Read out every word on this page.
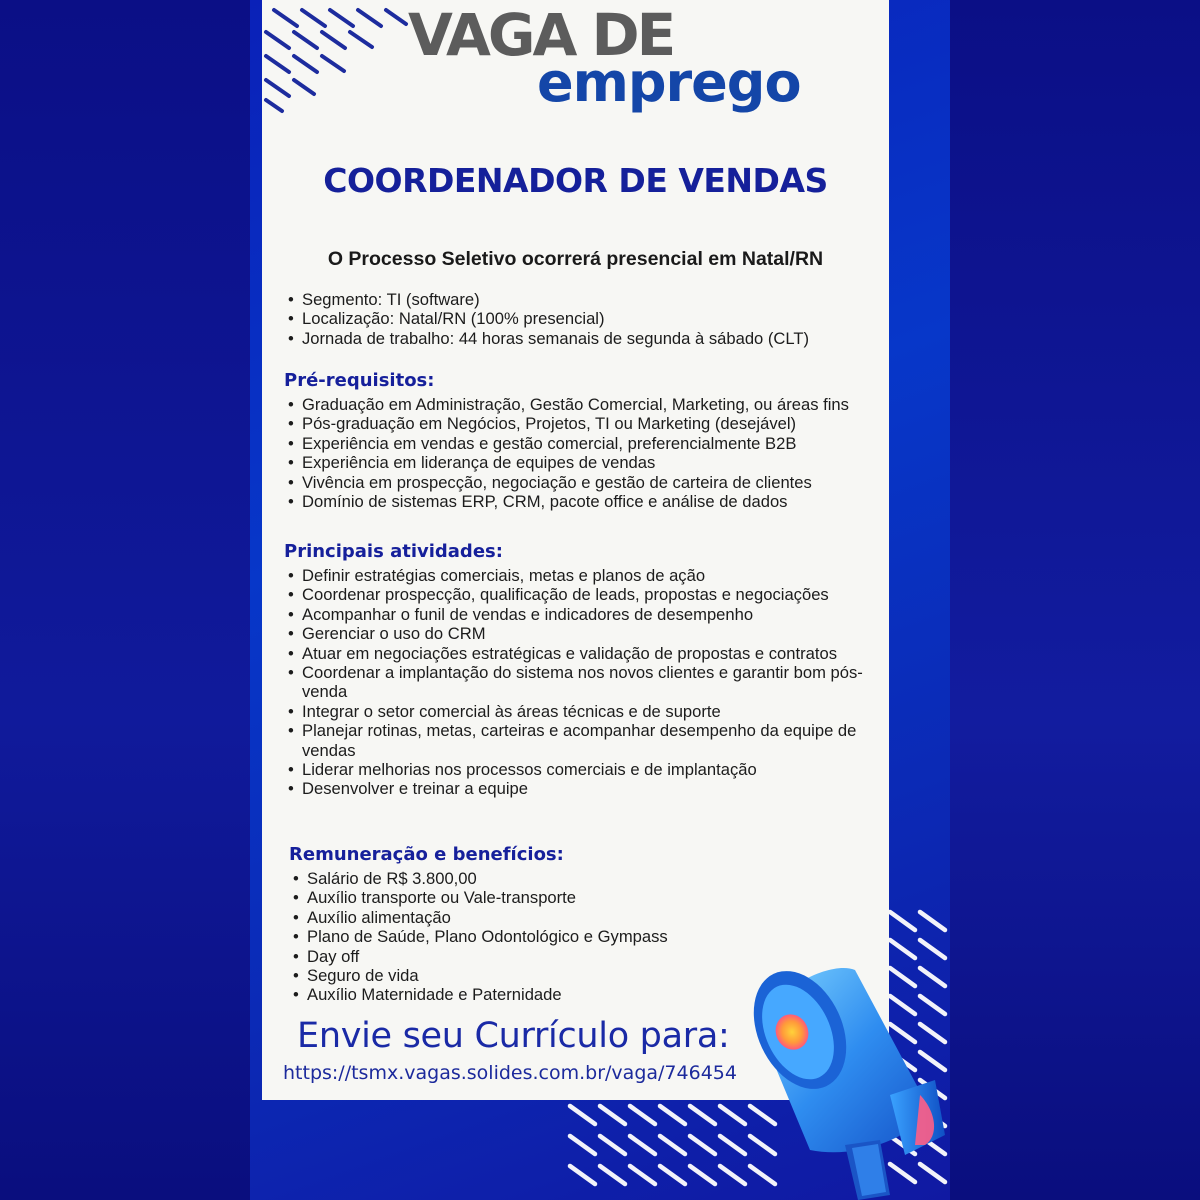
VAGA DE
emprego
COORDENADOR DE VENDAS
O Processo Seletivo ocorrerá presencial em Natal/RN
• Segmento: TI (software)
• Localização: Natal/RN (100% presencial)
• Jornada de trabalho: 44 horas semanais de segunda à sábado (CLT)
Pré-requisitos:
• Graduação em Administração, Gestão Comercial, Marketing, ou áreas fins
• Pós-graduação em Negócios, Projetos, TI ou Marketing (desejável)
• Experiência em vendas e gestão comercial, preferencialmente B2B
• Experiência em liderança de equipes de vendas
• Vivência em prospecção, negociação e gestão de carteira de clientes
• Domínio de sistemas ERP, CRM, pacote office e análise de dados
Principais atividades:
• Definir estratégias comerciais, metas e planos de ação
• Coordenar prospecção, qualificação de leads, propostas e negociações
• Acompanhar o funil de vendas e indicadores de desempenho
• Gerenciar o uso do CRM
• Atuar em negociações estratégicas e validação de propostas e contratos
• Coordenar a implantação do sistema nos novos clientes e garantir bom pós-venda
• Integrar o setor comercial às áreas técnicas e de suporte
• Planejar rotinas, metas, carteiras e acompanhar desempenho da equipe de vendas
• Liderar melhorias nos processos comerciais e de implantação
• Desenvolver e treinar a equipe
Remuneração e benefícios:
• Salário de R$ 3.800,00
• Auxílio transporte ou Vale-transporte
• Auxílio alimentação
• Plano de Saúde, Plano Odontológico e Gympass
• Day off
• Seguro de vida
• Auxílio Maternidade e Paternidade
Envie seu Currículo para:
https://tsmx.vagas.solides.com.br/vaga/746454
